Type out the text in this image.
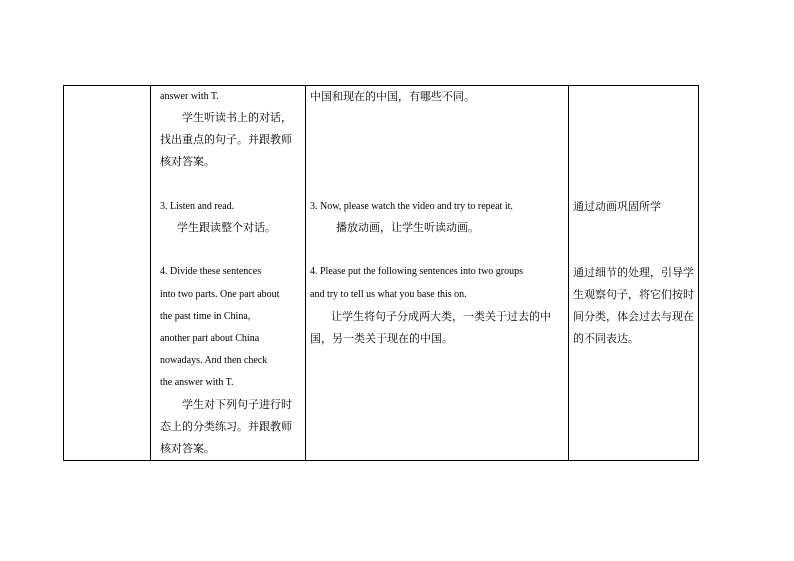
answer with T.
学生听读书上的对话，
找出重点的句子。并跟教师
核对答案。
3. Listen and read.
学生跟读整个对话。
4. Divide these sentences
into two parts. One part about
the past time in China,
another part about China
nowadays. And then check
the answer with T.
学生对下列句子进行时
态上的分类练习。并跟教师
核对答案。
中国和现在的中国，有哪些不同。
3. Now, please watch the video and try to repeat it.
播放动画，让学生听读动画。
4. Please put the following sentences into two groups
and try to tell us what you base this on.
让学生将句子分成两大类，一类关于过去的中
国，另一类关于现在的中国。
通过动画巩固所学
通过细节的处理，引导学
生观察句子，将它们按时
间分类，体会过去与现在
的不同表达。
